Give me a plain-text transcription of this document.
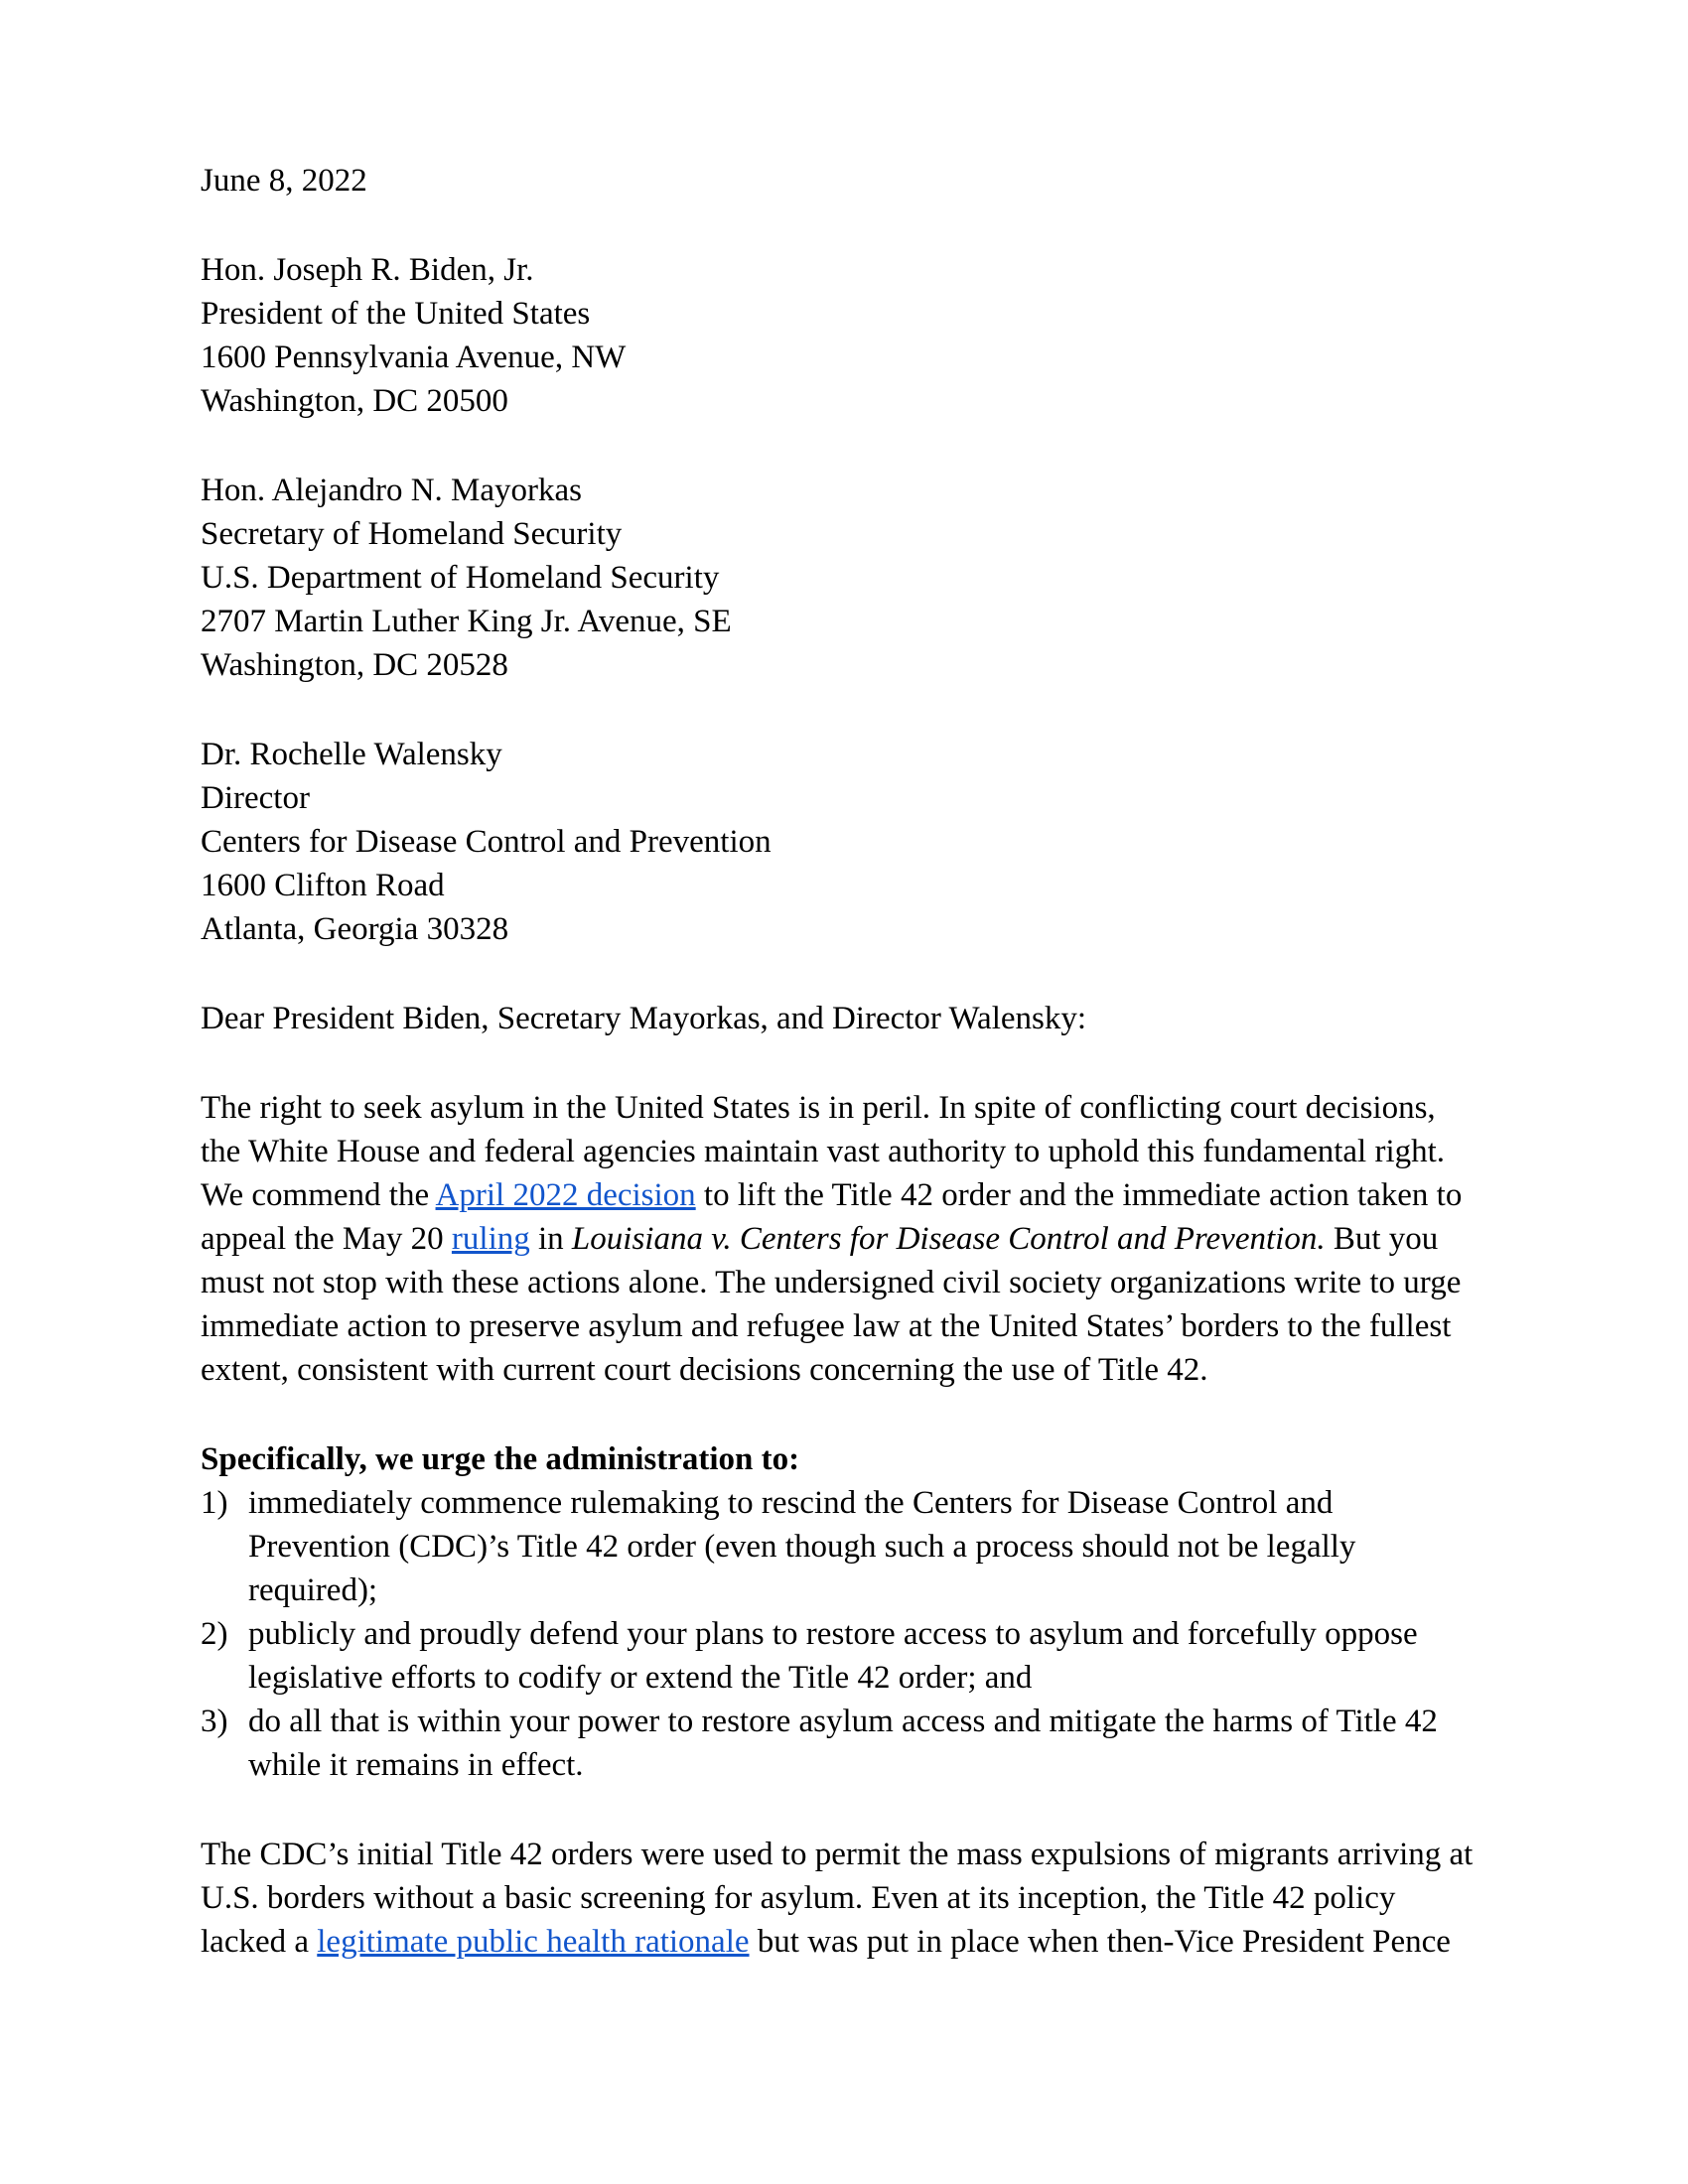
June 8, 2022
Hon. Joseph R. Biden, Jr.
President of the United States
1600 Pennsylvania Avenue, NW
Washington, DC 20500
Hon. Alejandro N. Mayorkas
Secretary of Homeland Security
U.S. Department of Homeland Security
2707 Martin Luther King Jr. Avenue, SE
Washington, DC 20528
Dr. Rochelle Walensky
Director
Centers for Disease Control and Prevention
1600 Clifton Road
Atlanta, Georgia 30328
Dear President Biden, Secretary Mayorkas, and Director Walensky:
The right to seek asylum in the United States is in peril. In spite of conflicting court decisions,
the White House and federal agencies maintain vast authority to uphold this fundamental right.
We commend the April 2022 decision to lift the Title 42 order and the immediate action taken to
appeal the May 20 ruling in Louisiana v. Centers for Disease Control and Prevention. But you
must not stop with these actions alone. The undersigned civil society organizations write to urge
immediate action to preserve asylum and refugee law at the United States’ borders to the fullest
extent, consistent with current court decisions concerning the use of Title 42.
Specifically, we urge the administration to:
1) immediately commence rulemaking to rescind the Centers for Disease Control and
Prevention (CDC)’s Title 42 order (even though such a process should not be legally
required);
2) publicly and proudly defend your plans to restore access to asylum and forcefully oppose
legislative efforts to codify or extend the Title 42 order; and
3) do all that is within your power to restore asylum access and mitigate the harms of Title 42
while it remains in effect.
The CDC’s initial Title 42 orders were used to permit the mass expulsions of migrants arriving at
U.S. borders without a basic screening for asylum. Even at its inception, the Title 42 policy
lacked a legitimate public health rationale but was put in place when then-Vice President Pence
